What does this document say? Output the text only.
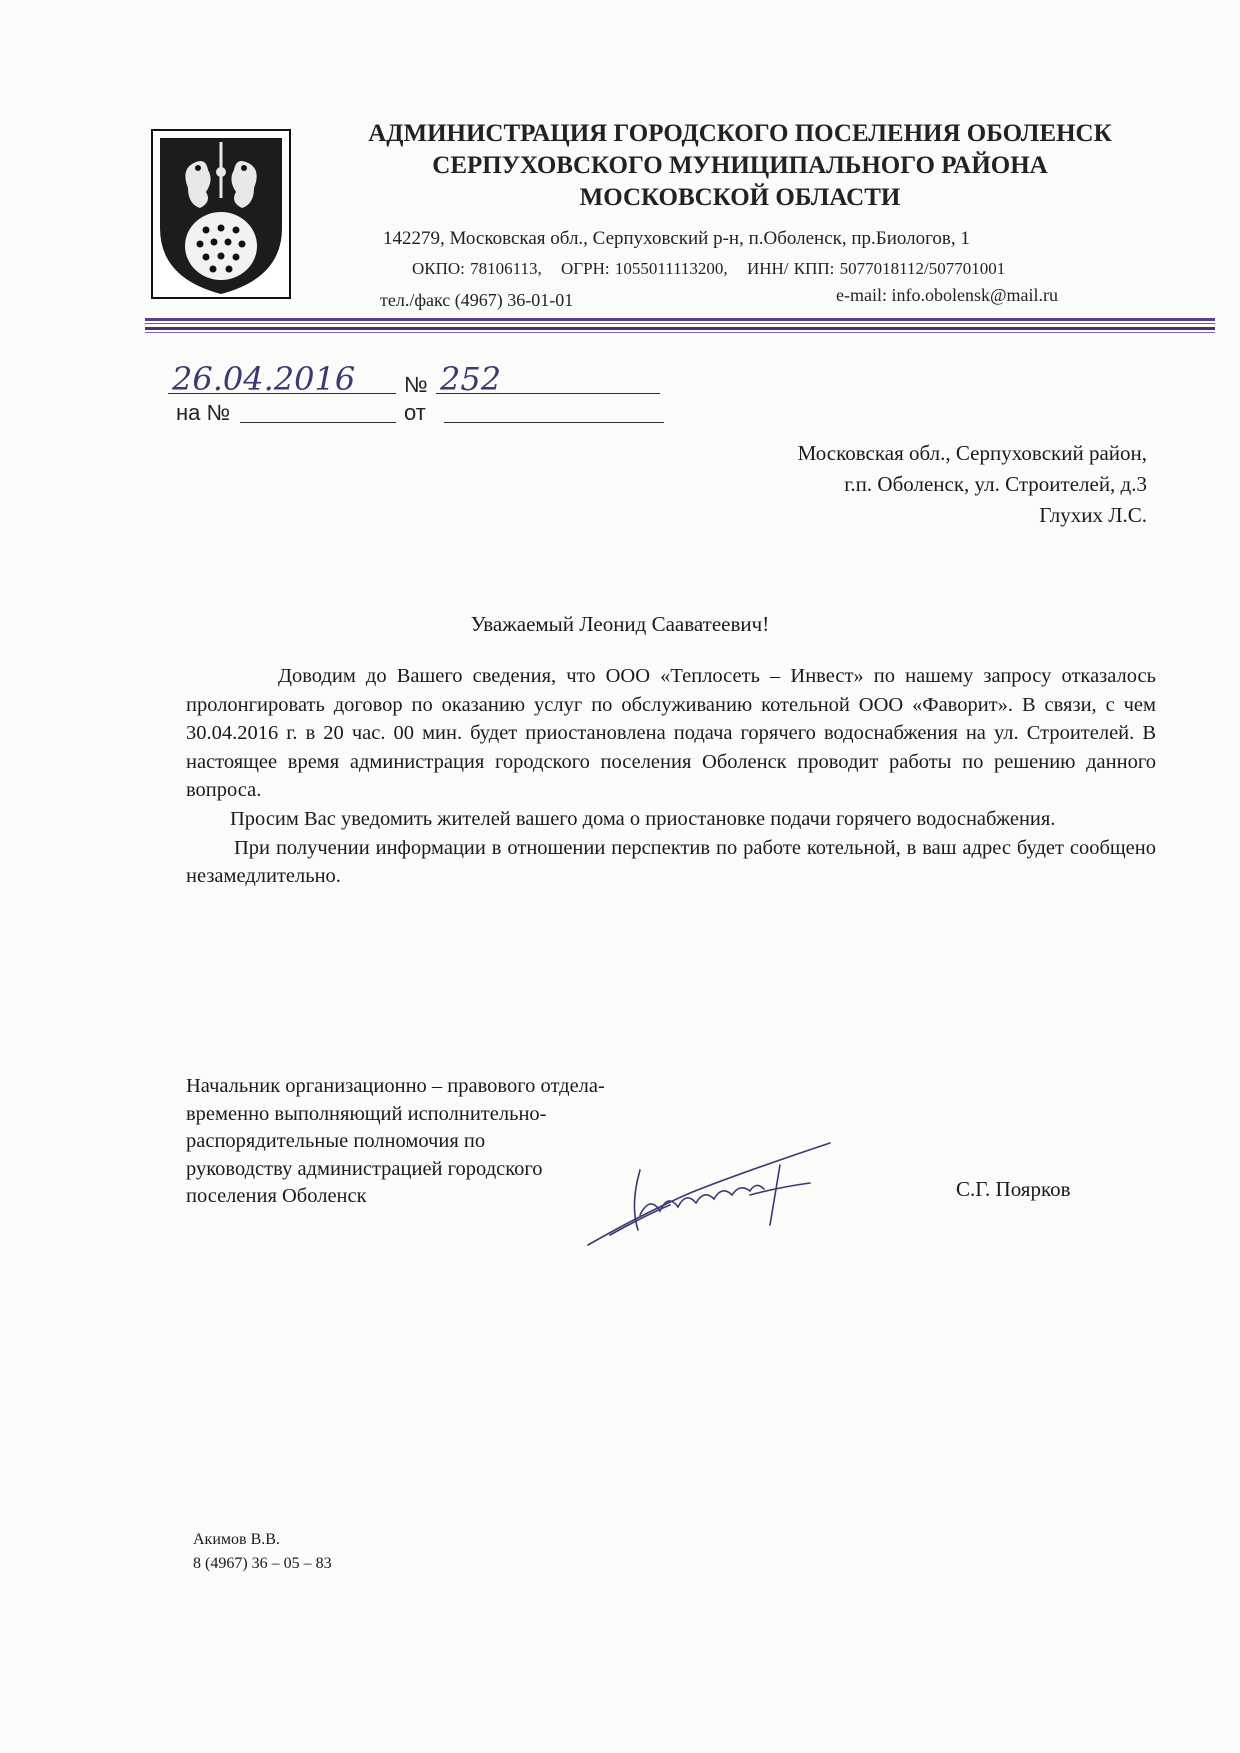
АДМИНИСТРАЦИЯ ГОРОДСКОГО ПОСЕЛЕНИЯ ОБОЛЕНСК
СЕРПУХОВСКОГО МУНИЦИПАЛЬНОГО РАЙОНА
МОСКОВСКОЙ ОБЛАСТИ
142279, Московская обл., Серпуховский р-н, п.Оболенск, пр.Биологов, 1
ОКПО: 78106113, ОГРН: 1055011113200, ИНН/ КПП: 5077018112/507701001
тел./факс (4967) 36-01-01	e-mail: info.obolensk@mail.ru
26.04.2016 № 252
на №	от
Московская обл., Серпуховский район,
г.п. Оболенск, ул. Строителей, д.3
Глухих Л.С.
Уважаемый Леонид Сааватеевич!

Доводим до Вашего сведения, что ООО «Теплосеть – Инвест» по нашему запросу отказалось пролонгировать договор по оказанию услуг по обслуживанию котельной ООО «Фаворит». В связи, с чем 30.04.2016 г. в 20 час. 00 мин. будет приостановлена подача горячего водоснабжения на ул. Строителей. В настоящее время администрация городского поселения Оболенск проводит работы по решению данного вопроса.

Просим Вас уведомить жителей вашего дома о приостановке подачи горячего водоснабжения.

При получении информации в отношении перспектив по работе котельной, в ваш адрес будет сообщено незамедлительно.

Начальник организационно – правового отдела-
временно выполняющий исполнительно-
распорядительные полномочия по
руководству администрацией городского
поселения Оболенск	С.Г. Поярков
Акимов В.В.
8 (4967) 36 – 05 – 83
